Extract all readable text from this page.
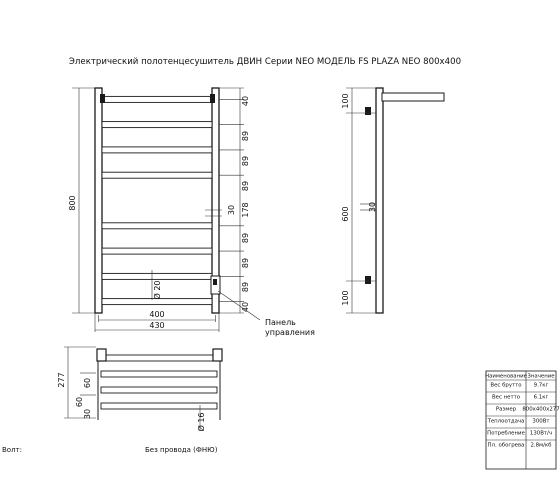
Электрический полотенцесушитель ДВИН Серии NEO МОДЕЛЬ FS PLAZA NEO 800x400
800
40
89
89
89
178
89
89
89
40
30
Ø 20
400
430	Панель
управления
100
600
100
30
277 60
60
30	Ø 16
Волт:	Без провода (ФНЮ)
Наименование Значение
Вес брутто 9.7кг
Вес нетто	6.1кг
Размер 800х400х277
Теплоотдача 300Вт
Потребление 130Вт/ч
Пл. обогрева 2.8м/кб
